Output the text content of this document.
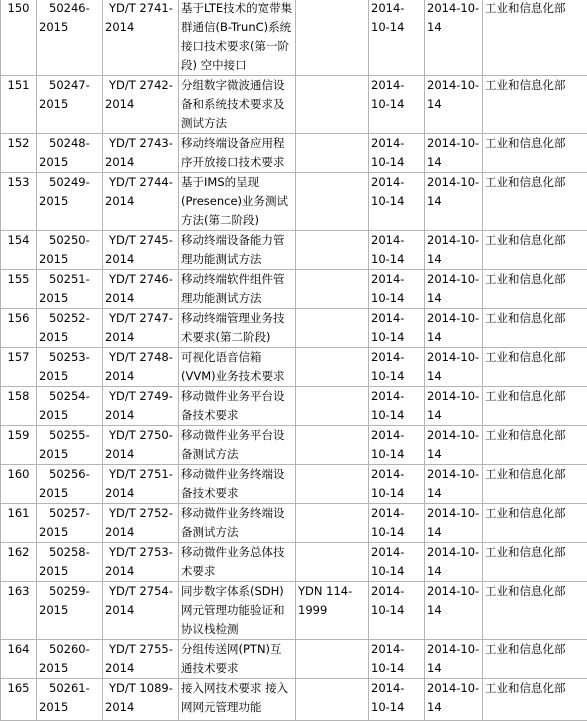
150	50246-2015	YD/T 2741-2014	基于LTE技术的宽带集群通信(B-TrunC)系统接口技术要求(第一阶段) 空中接口		2014-10-14	2014-10-14	工业和信息化部
151	50247-2015	YD/T 2742-2014	分组数字微波通信设备和系统技术要求及测试方法		2014-10-14	2014-10-14	工业和信息化部
152	50248-2015	YD/T 2743-2014	移动终端设备应用程序开放接口技术要求		2014-10-14	2014-10-14	工业和信息化部
153	50249-2015	YD/T 2744-2014	基于IMS的呈现(Presence)业务测试方法(第二阶段)		2014-10-14	2014-10-14	工业和信息化部
154	50250-2015	YD/T 2745-2014	移动终端设备能力管理功能测试方法		2014-10-14	2014-10-14	工业和信息化部
155	50251-2015	YD/T 2746-2014	移动终端软件组件管理功能测试方法		2014-10-14	2014-10-14	工业和信息化部
156	50252-2015	YD/T 2747-2014	移动终端管理业务技术要求(第二阶段)		2014-10-14	2014-10-14	工业和信息化部
157	50253-2015	YD/T 2748-2014	可视化语音信箱(VVM)业务技术要求		2014-10-14	2014-10-14	工业和信息化部
158	50254-2015	YD/T 2749-2014	移动微件业务平台设备技术要求		2014-10-14	2014-10-14	工业和信息化部
159	50255-2015	YD/T 2750-2014	移动微件业务平台设备测试方法		2014-10-14	2014-10-14	工业和信息化部
160	50256-2015	YD/T 2751-2014	移动微件业务终端设备技术要求		2014-10-14	2014-10-14	工业和信息化部
161	50257-2015	YD/T 2752-2014	移动微件业务终端设备测试方法		2014-10-14	2014-10-14	工业和信息化部
162	50258-2015	YD/T 2753-2014	移动微件业务总体技术要求		2014-10-14	2014-10-14	工业和信息化部
163	50259-2015	YD/T 2754-2014	同步数字体系(SDH)网元管理功能验证和协议栈检测	YDN 114-1999	2014-10-14	2014-10-14	工业和信息化部
164	50260-2015	YD/T 2755-2014	分组传送网(PTN)互通技术要求		2014-10-14	2014-10-14	工业和信息化部
165	50261-2015	YD/T 1089-2014	接入网技术要求 接入网网元管理功能		2014-10-14	2014-10-14	工业和信息化部
